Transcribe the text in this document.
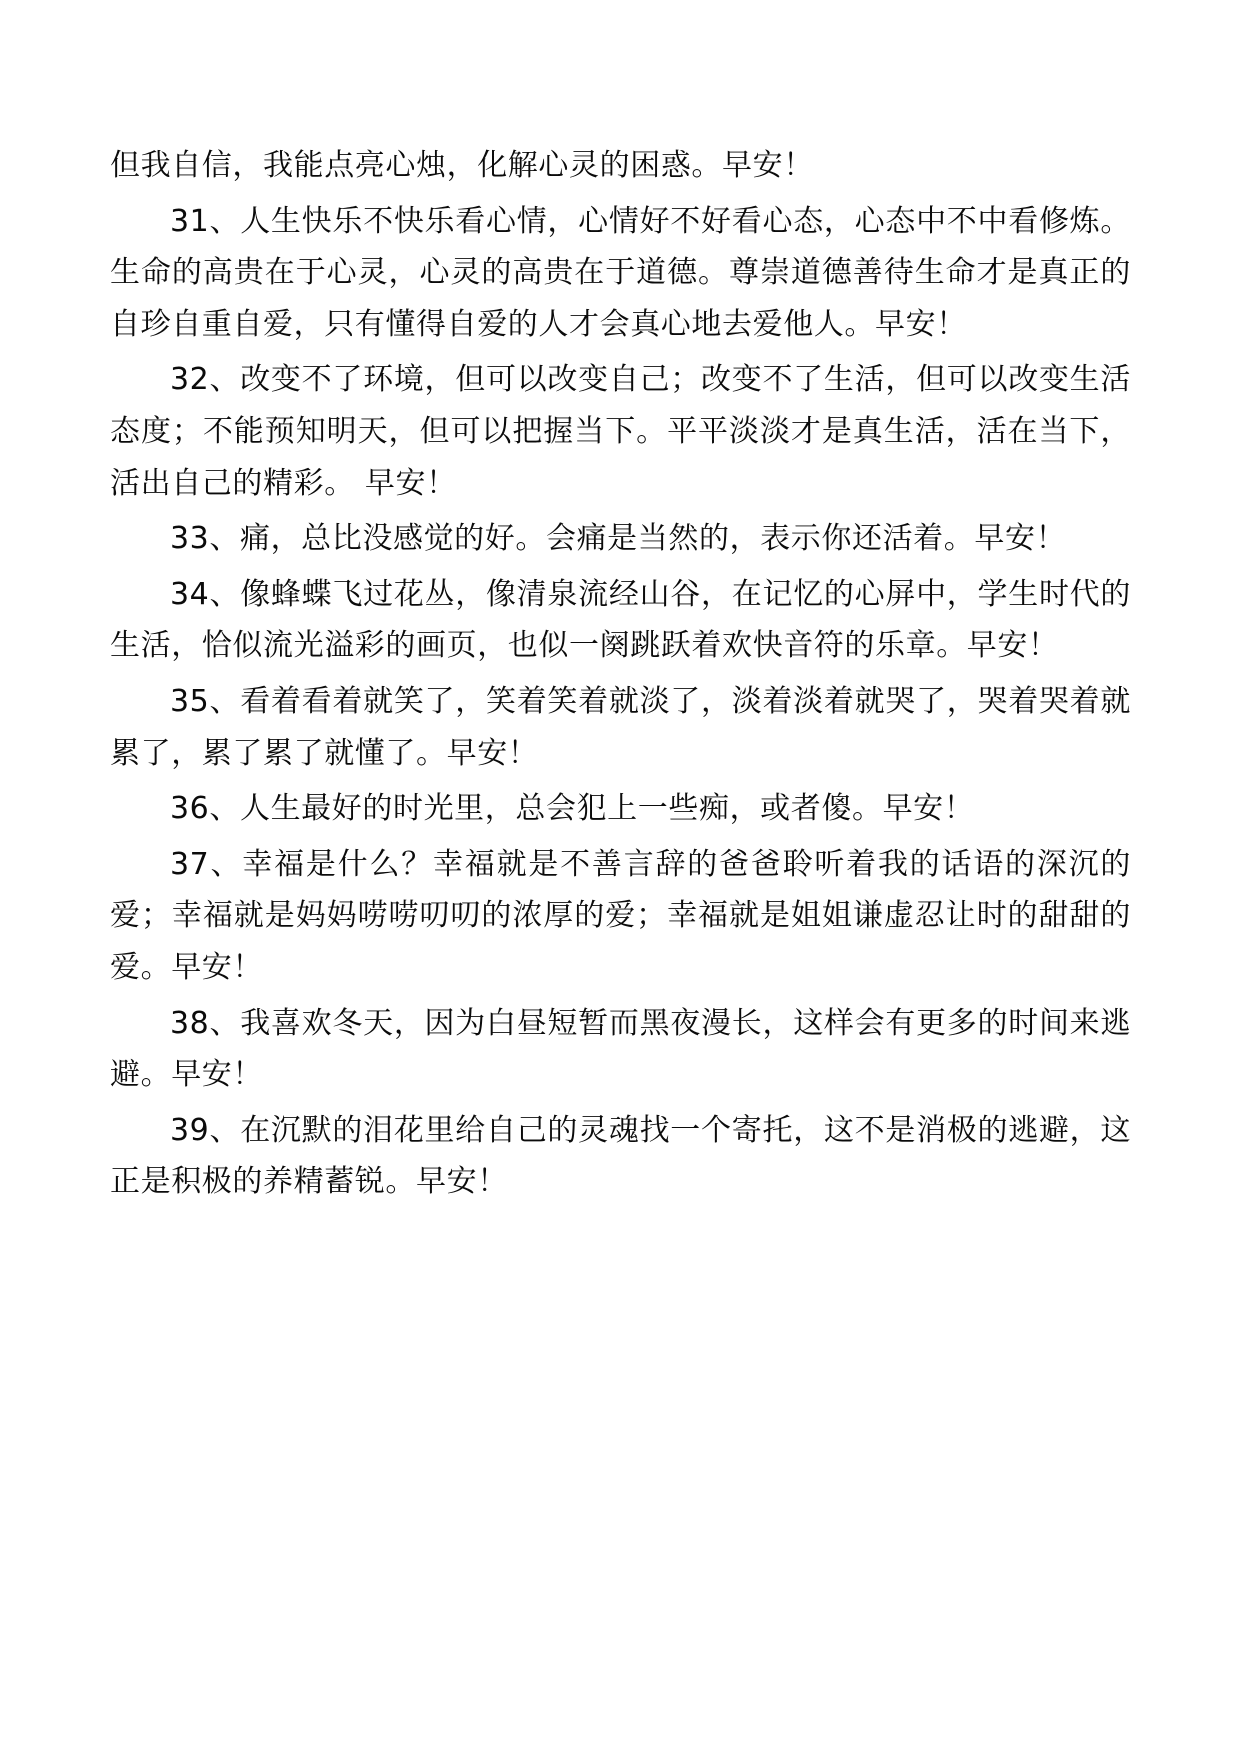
但我自信，我能点亮心烛，化解心灵的困惑。早安！

31、人生快乐不快乐看心情，心情好不好看心态，心态中不中看修炼。生命的高贵在于心灵，心灵的高贵在于道德。尊崇道德善待生命才是真正的自珍自重自爱，只有懂得自爱的人才会真心地去爱他人。早安！

32、改变不了环境，但可以改变自己；改变不了生活，但可以改变生活态度；不能预知明天，但可以把握当下。平平淡淡才是真生活，活在当下，活出自己的精彩。 早安！

33、痛，总比没感觉的好。会痛是当然的，表示你还活着。早安！

34、像蜂蝶飞过花丛，像清泉流经山谷，在记忆的心屏中，学生时代的生活，恰似流光溢彩的画页，也似一阕跳跃着欢快音符的乐章。早安！

35、看着看着就笑了，笑着笑着就淡了，淡着淡着就哭了，哭着哭着就累了，累了累了就懂了。早安！

36、人生最好的时光里，总会犯上一些痴，或者傻。早安！

37、幸福是什么？幸福就是不善言辞的爸爸聆听着我的话语的深沉的爱；幸福就是妈妈唠唠叨叨的浓厚的爱；幸福就是姐姐谦虚忍让时的甜甜的爱。早安！

38、我喜欢冬天，因为白昼短暂而黑夜漫长，这样会有更多的时间来逃避。早安！

39、在沉默的泪花里给自己的灵魂找一个寄托，这不是消极的逃避，这正是积极的养精蓄锐。早安！
